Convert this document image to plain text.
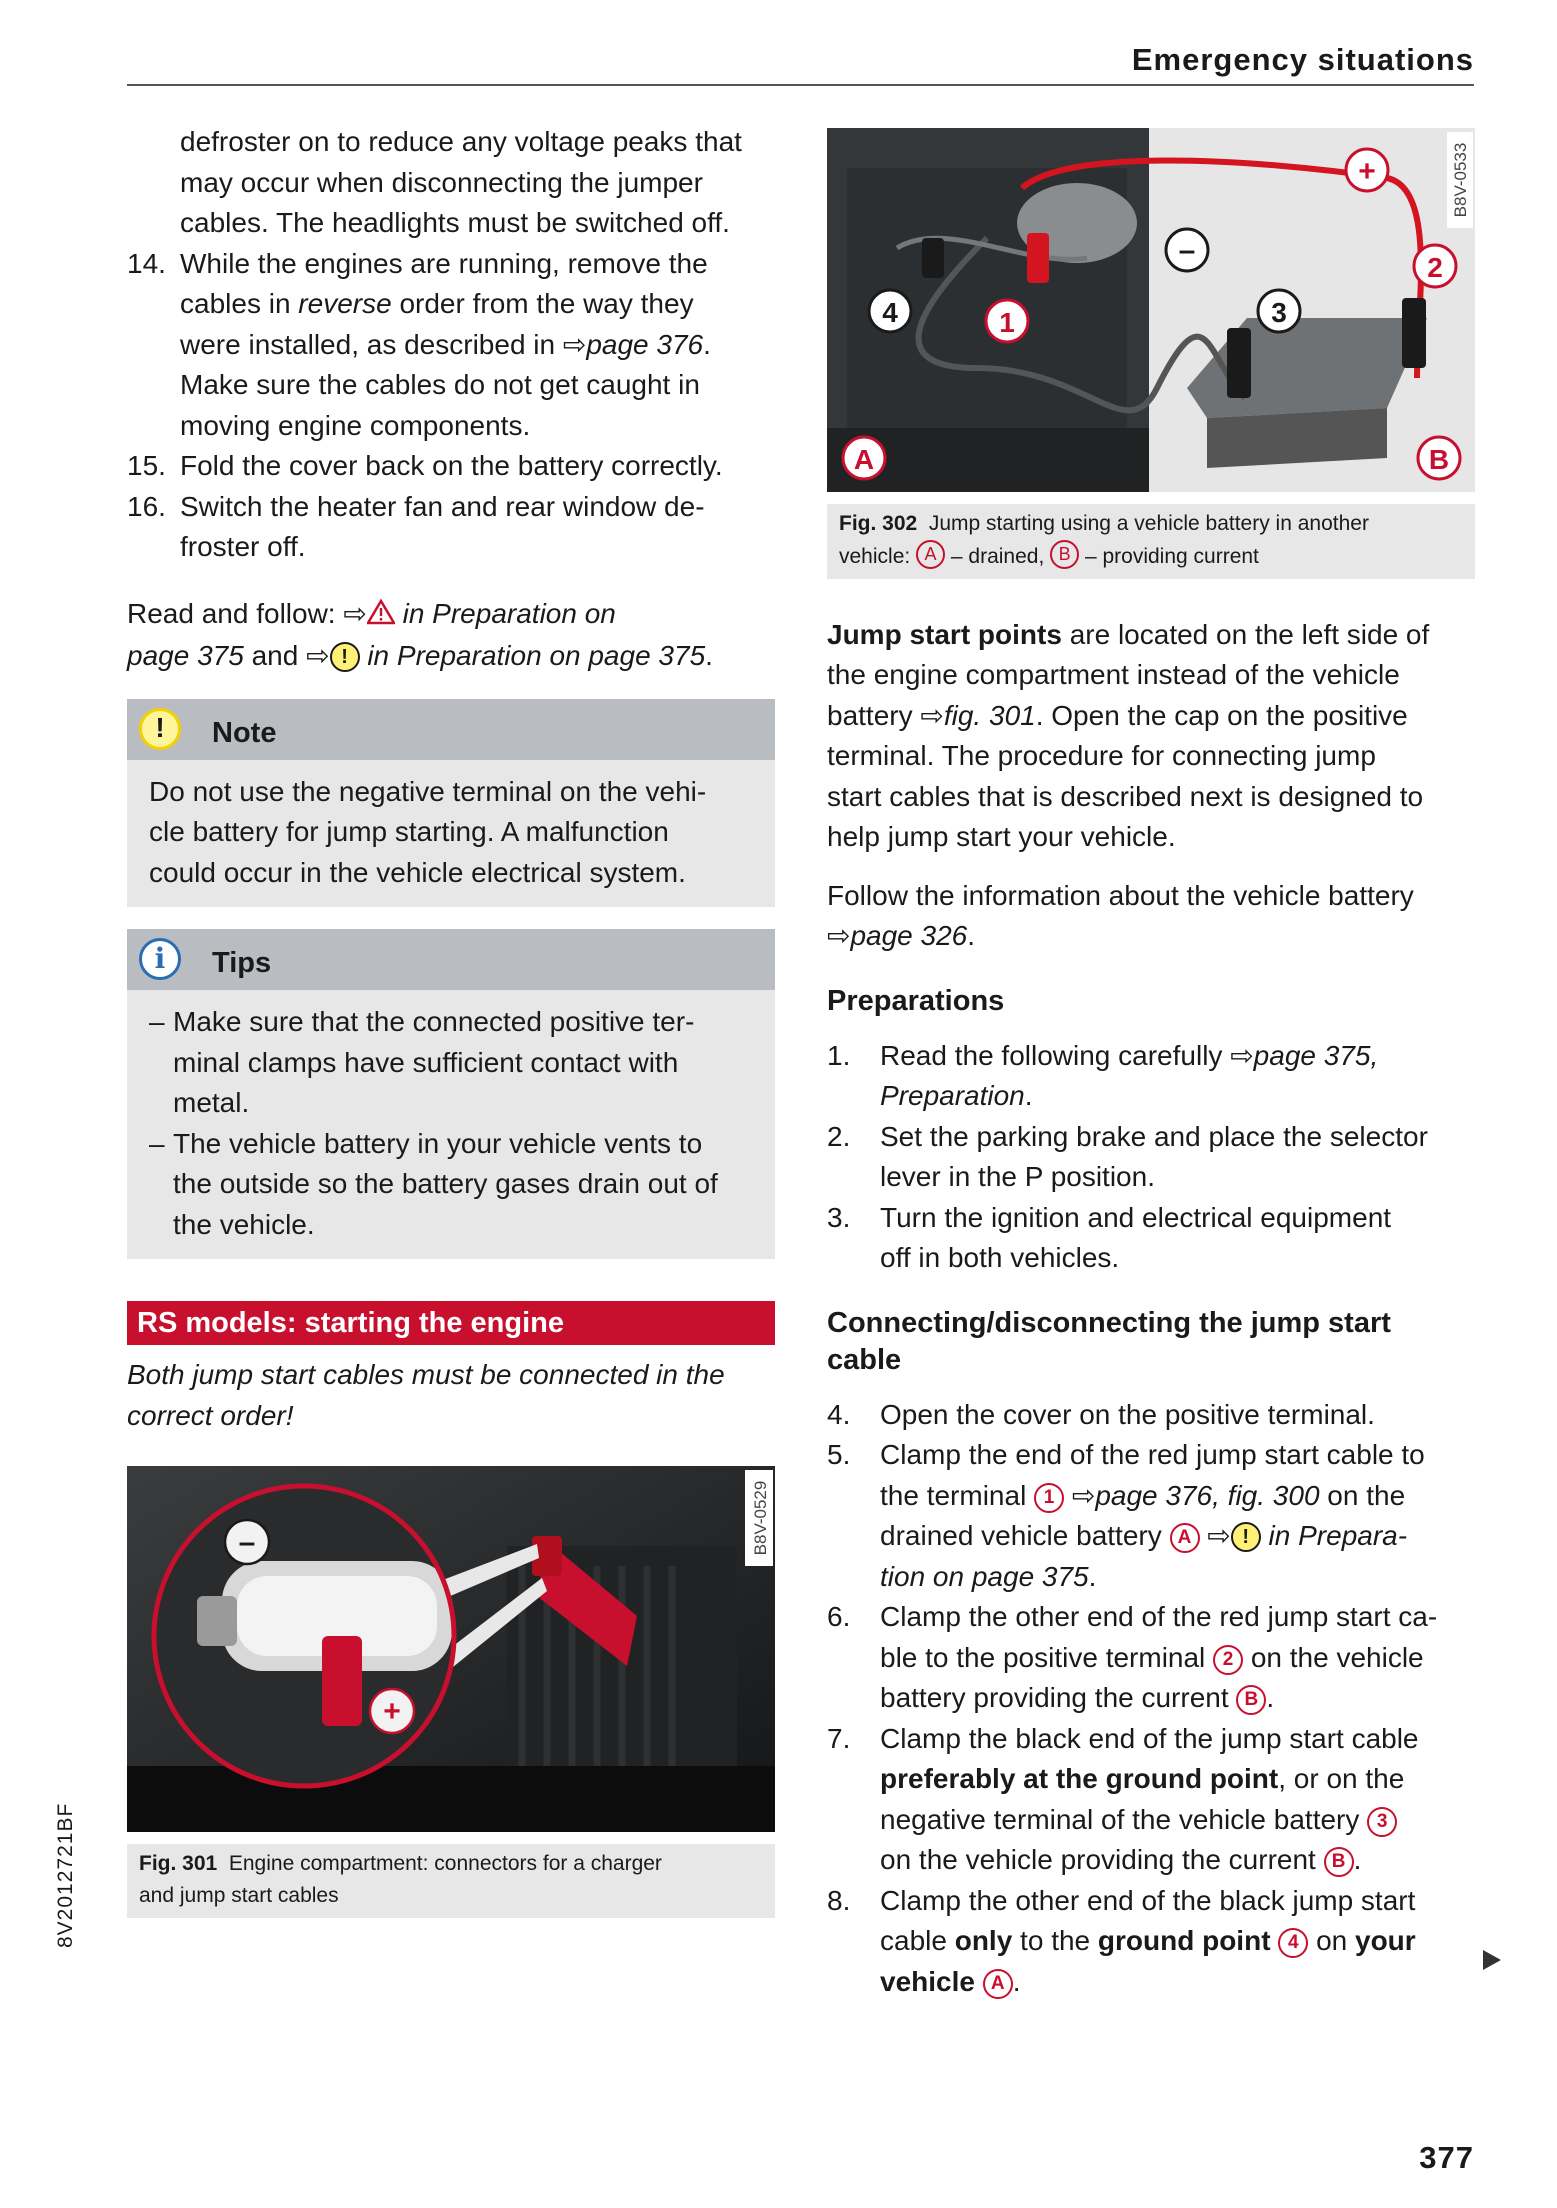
Emergency situations
defroster on to reduce any voltage peaks that
may occur when disconnecting the jumper
cables. The headlights must be switched off.
14. While the engines are running, remove the
cables in reverse order from the way they
were installed, as described in ⇨page 376.
Make sure the cables do not get caught in
moving engine components.
15. Fold the cover back on the battery correctly.
16. Switch the heater fan and rear window de-
froster off.
Read and follow: ⇨ in Preparation on
page 375 and ⇨ ! in Preparation on page 375.
!	Note
Do not use the negative terminal on the vehi-
cle battery for jump starting. A malfunction
could occur in the vehicle electrical system.
i	Tips
– Make sure that the connected positive ter-
minal clamps have sufficient contact with
metal.
– The vehicle battery in your vehicle vents to
the outside so the battery gases drain out of
the vehicle.
RS models: starting the engine
Both jump start cables must be connected in the
correct order!
–
+
B8V-0529
Fig. 301 Engine compartment: connectors for a charger
and jump start cables
B8V-0533
+
–
2
3
4	1
A	B
Fig. 302 Jump starting using a vehicle battery in another
vehicle: A – drained, B – providing current
Jump start points are located on the left side of
the engine compartment instead of the vehicle
battery ⇨fig. 301. Open the cap on the positive
terminal. The procedure for connecting jump
start cables that is described next is designed to
help jump start your vehicle.
Follow the information about the vehicle battery
⇨page 326.
Preparations
1. Read the following carefully ⇨page 375,
Preparation.
2. Set the parking brake and place the selector
lever in the P position.
3. Turn the ignition and electrical equipment
off in both vehicles.
Connecting/disconnecting the jump start
cable
4. Open the cover on the positive terminal.
5. Clamp the end of the red jump start cable to
the terminal 1 ⇨page 376, fig. 300 on the
drained vehicle battery A ⇨ ! in Prepara-
tion on page 375.
6. Clamp the other end of the red jump start ca-
ble to the positive terminal 2 on the vehicle
battery providing the current B .
7. Clamp the black end of the jump start cable
preferably at the ground point, or on the
negative terminal of the vehicle battery 3
on the vehicle providing the current B .
8. Clamp the other end of the black jump start
cable only to the ground point 4 on your
vehicle A .
8V2012721BF
377
